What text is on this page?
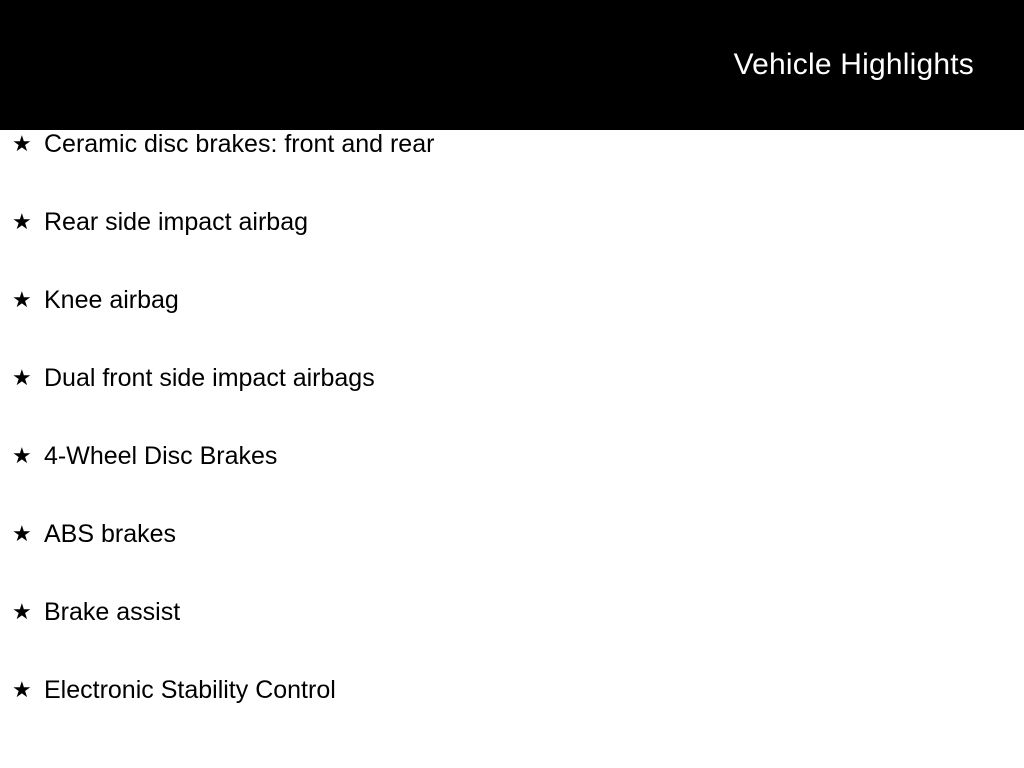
Vehicle Highlights
★ Ceramic disc brakes: front and rear
★ Rear side impact airbag
★ Knee airbag
★ Dual front side impact airbags
★ 4-Wheel Disc Brakes
★ ABS brakes
★ Brake assist
★ Electronic Stability Control
